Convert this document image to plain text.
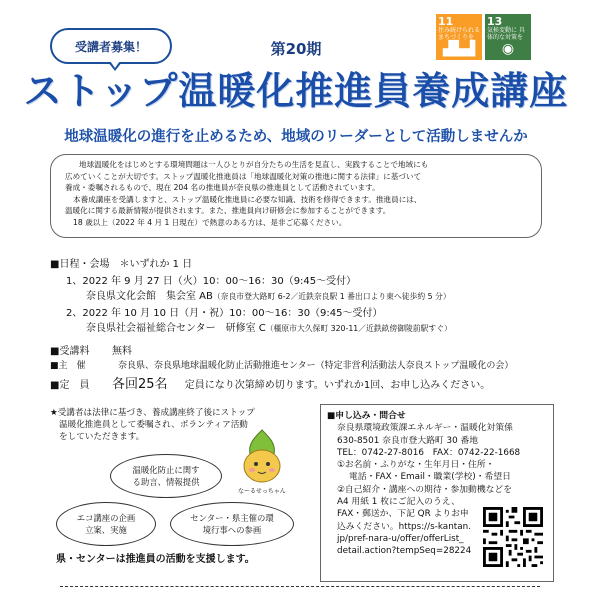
受講者募集！	第20期
11
住み続けられる まちづくりを
▟▙▟
13
気候変動に 具体的な対策を
◉
ストップ温暖化推進員養成講座
地球温暖化の進行を止めるため、地域のリーダーとして活動しませんか

地球温暖化をはじめとする環境問題は一人ひとりが自分たちの生活を見直し、実践することで地域にも

広めていくことが大切です。ストップ温暖化推進員は「地球温暖化対策の推進に関する法律」に基づいて

養成・委嘱されるもので、現在 204 名の推進員が奈良県の推進員として活動されています。

本養成講座を受講しますと、ストップ温暖化推進員に必要な知識、技術を修得できます。推進員には、

温暖化に関する最新情報が提供されます。また、推進員向け研修会に参加することができます。

18 歳以上（2022 年 4 月 1 日現在）で熱意のある方は、是非ご応募ください。

■日程・会場　＊いずれか 1 日
1、2022 年 9 月 27 日（火）10：00～16：30（9:45～受付）
奈良県文化会館　集会室 AB（奈良市登大路町 6-2／近鉄奈良駅 1 番出口より東へ徒歩約 5 分）
2、2022 年 10 月 10 日（月・祝）10：00～16：30（9:45～受付）
奈良県社会福祉総合センター　研修室 C（橿原市大久保町 320-11／近鉄畝傍御陵前駅すぐ）
■受講料 無料
■主　催	奈良県、奈良県地球温暖化防止活動推進センター（特定非営利活動法人奈良ストップ温暖化の会）
■定　員 各回25名 定員になり次第締め切ります。いずれか1回、お申し込みください。

★受講者は法律に基づき、養成講座終了後にストップ

温暖化推進員として委嘱され、ボランティア活動

をしていただきます。

温暖化防止に関する助言、情報提供
エコ講座の企画立案、実施
センター・県主催の環境行事への参画
なーるせっちゃん
県・センターは推進員の活動を支援します。

■申し込み・問合せ

奈良県環境政策課エネルギー・温暖化対策係

630-8501 奈良市登大路町 30 番地

TEL：0742-27-8016　FAX：0742-22-1668

①お名前・ふりがな・生年月日・住所・

電話・FAX・Email・職業(学校)・希望日

②自己紹介・講座への期待・参加動機などを

A4 用紙 1 枚にご記入のうえ、

FAX・郵送か、下記 QR よりお申

込みください。https://s-kantan.

jp/pref-nara-u/offer/offerList_

detail.action?tempSeq=28224
